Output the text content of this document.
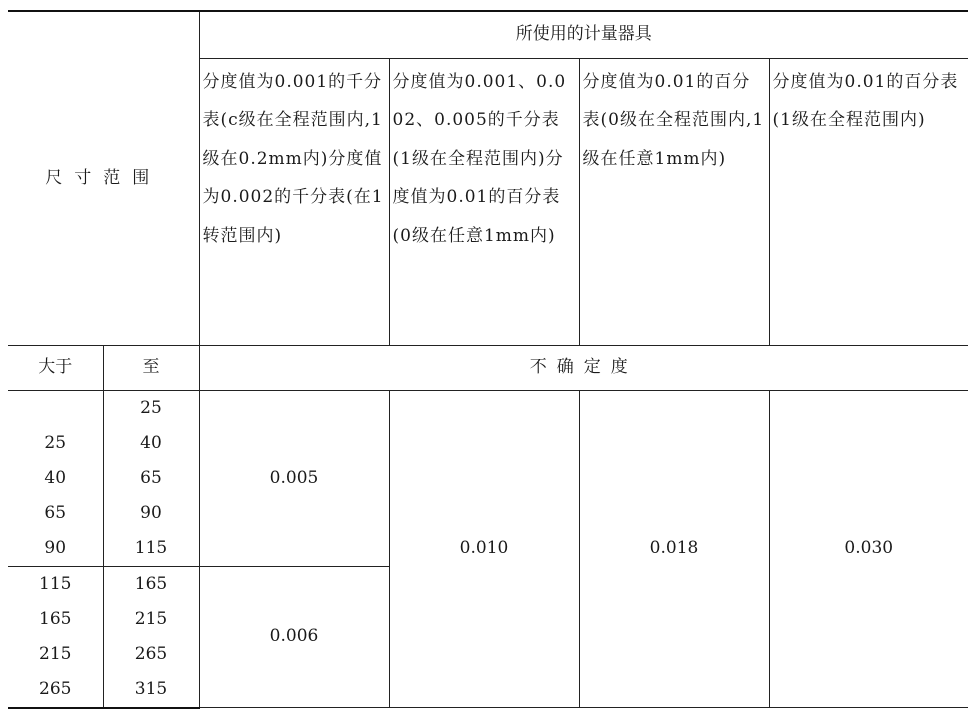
尺寸范围		所使用的计量器具			
		分度值为0.001的千分表(c级在全程范围内,1级在0.2mm内)分度值为0.002的千分表(在1转范围内)	分度值为0.001、0.002、0.005的千分表(1级在全程范围内)分度值为0.01的百分表(0级在任意1mm内)	分度值为0.01的百分表(0级在全程范围内,1级在任意1mm内)	分度值为0.01的百分表(1级在全程范围内)
大于	至	不确定度			
	25	0.005	0.010	0.018	0.030
25	40				
40	65				
65	90				
90	115				
115	165	0.006			
165	215				
215	265				
265	315				
